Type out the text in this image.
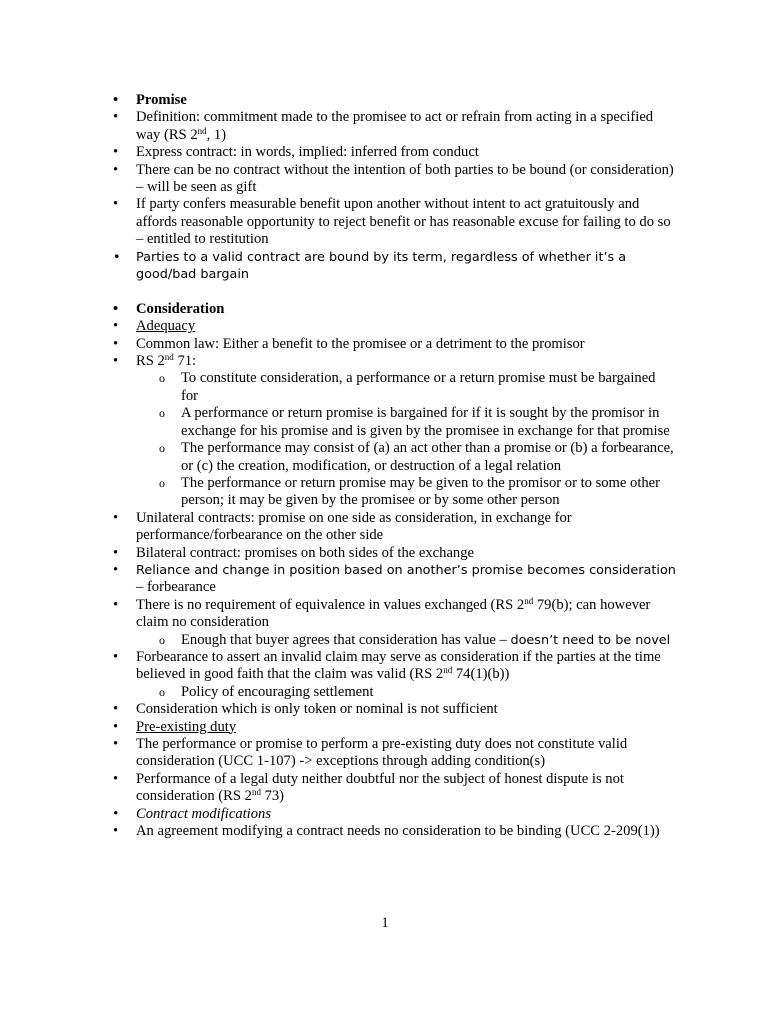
• Promise
• Definition: commitment made to the promisee to act or refrain from acting in a specified way (RS 2nd, 1)
• Express contract: in words, implied: inferred from conduct
• There can be no contract without the intention of both parties to be bound (or consideration) – will be seen as gift
• If party confers measurable benefit upon another without intent to act gratuitously and affords reasonable opportunity to reject benefit or has reasonable excuse for failing to do so – entitled to restitution
• Parties to a valid contract are bound by its term, regardless of whether it’s a good/bad bargain
• Consideration
• Adequacy
• Common law: Either a benefit to the promisee or a detriment to the promisor
• RS 2nd 71:
o To constitute consideration, a performance or a return promise must be bargained for
o A performance or return promise is bargained for if it is sought by the promisor in exchange for his promise and is given by the promisee in exchange for that promise
o The performance may consist of (a) an act other than a promise or (b) a forbearance, or (c) the creation, modification, or destruction of a legal relation
o The performance or return promise may be given to the promisor or to some other person; it may be given by the promisee or by some other person
• Unilateral contracts: promise on one side as consideration, in exchange for performance/forbearance on the other side
• Bilateral contract: promises on both sides of the exchange
• Reliance and change in position based on another’s promise becomes consideration – forbearance
• There is no requirement of equivalence in values exchanged (RS 2nd 79(b); can however claim no consideration
o Enough that buyer agrees that consideration has value – doesn’t need to be novel
• Forbearance to assert an invalid claim may serve as consideration if the parties at the time believed in good faith that the claim was valid (RS 2nd 74(1)(b))
o Policy of encouraging settlement
• Consideration which is only token or nominal is not sufficient
• Pre-existing duty
• The performance or promise to perform a pre-existing duty does not constitute valid consideration (UCC 1-107) -> exceptions through adding condition(s)
• Performance of a legal duty neither doubtful nor the subject of honest dispute is not consideration (RS 2nd 73)
• Contract modifications
• An agreement modifying a contract needs no consideration to be binding (UCC 2-209(1))
1
